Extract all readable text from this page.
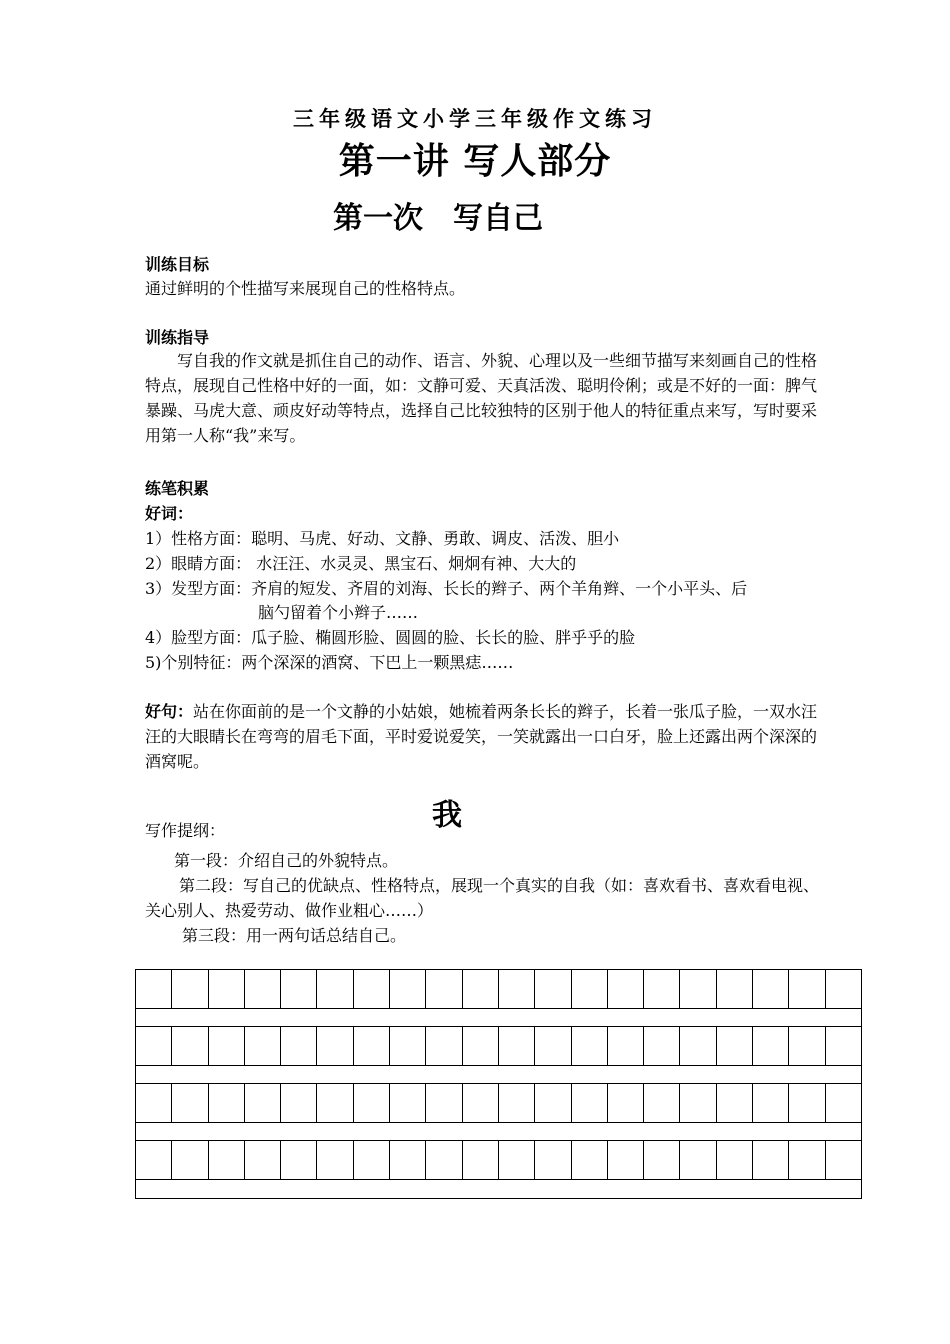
三年级语文小学三年级作文练习
第一讲 写人部分
第一次　写自己
训练目标
通过鲜明的个性描写来展现自己的性格特点。
训练指导
写自我的作文就是抓住自己的动作、语言、外貌、心理以及一些细节描写来刻画自己的性格特点，展现自己性格中好的一面，如：文静可爱、天真活泼、聪明伶俐；或是不好的一面：脾气暴躁、马虎大意、顽皮好动等特点，选择自己比较独特的区别于他人的特征重点来写，写时要采用第一人称“我”来写。
练笔积累
好词：
1）性格方面：聪明、马虎、好动、文静、勇敢、调皮、活泼、胆小
2）眼睛方面： 水汪汪、水灵灵、黑宝石、炯炯有神、大大的
3）发型方面：齐肩的短发、齐眉的刘海、长长的辫子、两个羊角辫、一个小平头、后
脑勺留着个小辫子……
4）脸型方面：瓜子脸、椭圆形脸、圆圆的脸、长长的脸、胖乎乎的脸
5)个别特征：两个深深的酒窝、下巴上一颗黑痣……
好句：站在你面前的是一个文静的小姑娘，她梳着两条长长的辫子，长着一张瓜子脸，一双水汪汪的大眼睛长在弯弯的眉毛下面，平时爱说爱笑，一笑就露出一口白牙，脸上还露出两个深深的酒窝呢。
写作提纲：	我
第一段：介绍自己的外貌特点。
第二段：写自己的优缺点、性格特点，展现一个真实的自我（如：喜欢看书、喜欢看电视、关心别人、热爱劳动、做作业粗心……）
第三段：用一两句话总结自己。
